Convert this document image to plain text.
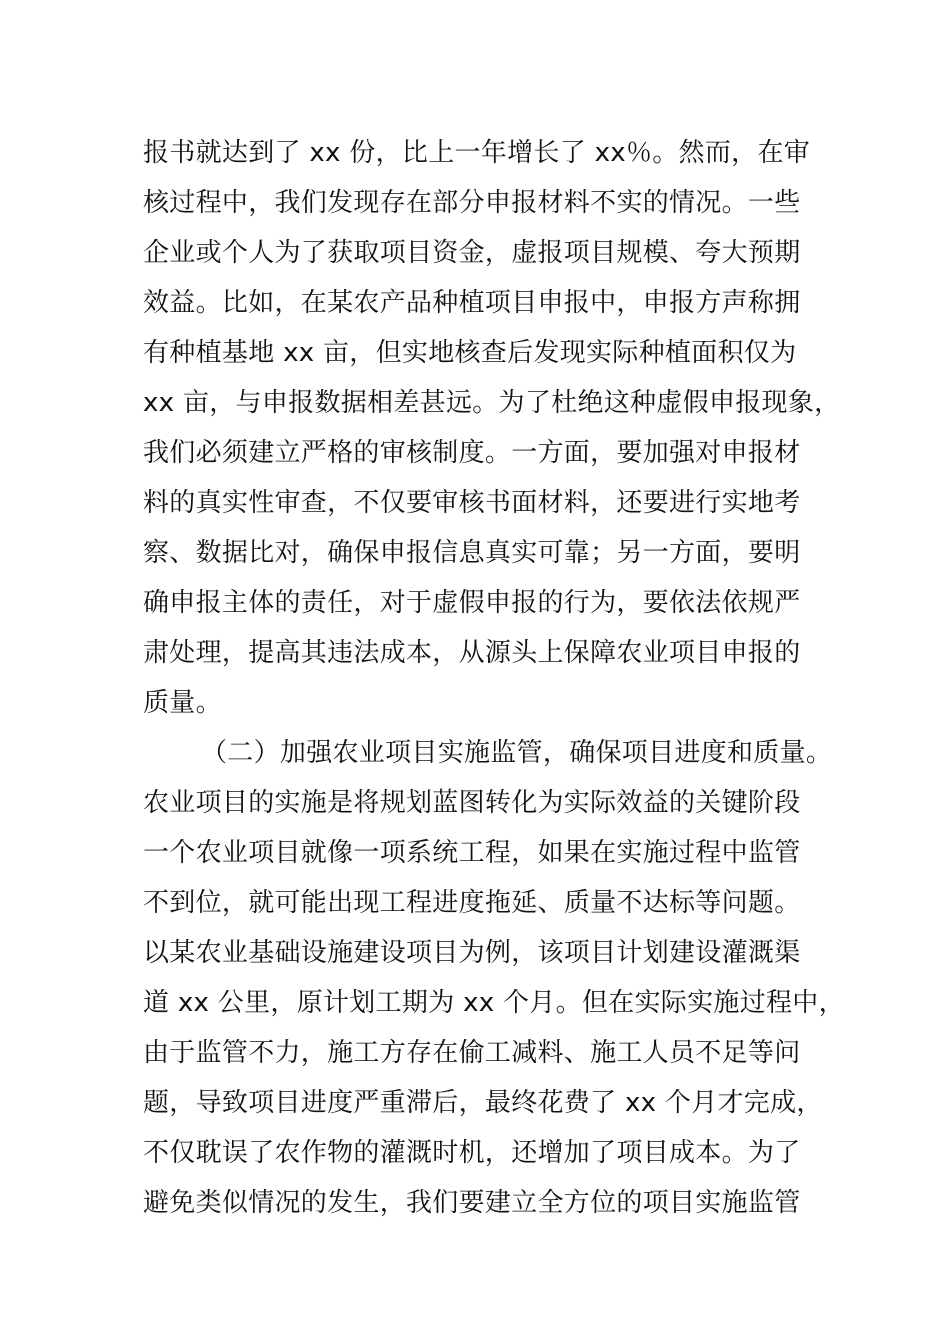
报书就达到了 xx 份，比上一年增长了 xx％。然而，在审
核过程中，我们发现存在部分申报材料不实的情况。一些
企业或个人为了获取项目资金，虚报项目规模、夸大预期
效益。比如，在某农产品种植项目申报中，申报方声称拥
有种植基地 xx 亩，但实地核查后发现实际种植面积仅为
xx 亩，与申报数据相差甚远。为了杜绝这种虚假申报现象，
我们必须建立严格的审核制度。一方面，要加强对申报材
料的真实性审查，不仅要审核书面材料，还要进行实地考
察、数据比对，确保申报信息真实可靠；另一方面，要明
确申报主体的责任，对于虚假申报的行为，要依法依规严
肃处理，提高其违法成本，从源头上保障农业项目申报的
质量。
（二）加强农业项目实施监管，确保项目进度和质量。
农业项目的实施是将规划蓝图转化为实际效益的关键阶段
一个农业项目就像一项系统工程，如果在实施过程中监管
不到位，就可能出现工程进度拖延、质量不达标等问题。
以某农业基础设施建设项目为例，该项目计划建设灌溉渠
道 xx 公里，原计划工期为 xx 个月。但在实际实施过程中，
由于监管不力，施工方存在偷工减料、施工人员不足等问
题，导致项目进度严重滞后，最终花费了 xx 个月才完成，
不仅耽误了农作物的灌溉时机，还增加了项目成本。为了
避免类似情况的发生，我们要建立全方位的项目实施监管
